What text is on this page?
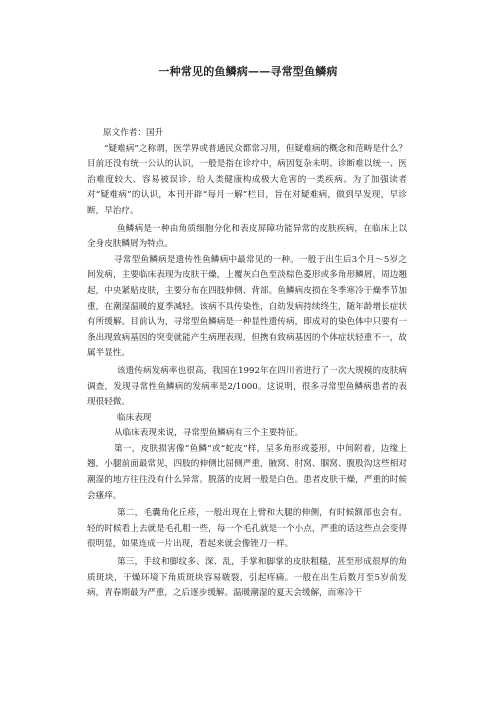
一种常见的鱼鳞病——寻常型鱼鳞病

原文作者：国升

“疑难病”之称谓，医学界或普通民众都常习用，但疑难病的概念和范畴是什么？目前还没有统一公认的认识，一般是指在诊疗中，病因复杂未明、诊断难以统一、医治难度较大、容易被误诊、给人类健康构成极大危害的一类疾病。为了加强读者对“疑难病”的认识，本刊开辟“每月一解”栏目，旨在对疑难病，做到早发现，早诊断，早治疗。

鱼鳞病是一种由角质细胞分化和表皮屏障功能异常的皮肤疾病，在临床上以全身皮肤鳞屑为特点。

寻常型鱼鳞病是遗传性鱼鳞病中最常见的一种。一般于出生后3个月～5岁之间发病，主要临床表现为皮肤干燥，上覆灰白色至淡棕色菱形或多角形鳞屑，周边翘起，中央紧贴皮肤，主要分布在四肢伸侧、背部。鱼鳞病皮损在冬季寒冷干燥季节加重，在潮湿温暖的夏季减轻。该病不具传染性，自幼发病持续终生，随年龄增长症状有所缓解。目前认为，寻常型鱼鳞病是一种显性遗传病，即成对的染色体中只要有一条出现致病基因的突变就能产生病理表现，但携有致病基因的个体症状轻重不一，故属半显性。

该遗传病发病率也很高，我国在1992年在四川省进行了一次大规模的皮肤病调查，发现寻常性鱼鳞病的发病率是2/1000。这说明，很多寻常型鱼鳞病患者的表现很轻微。

临床表现

从临床表现来说，寻常型鱼鳞病有三个主要特征。

第一，皮肤损害像“鱼鳞”或“蛇皮”样，呈多角形或菱形，中间附着，边缘上翘，小腿前面最常见，四肢的伸侧比屈侧严重，腋窝、肘窝、腘窝、腹股沟这些相对潮湿的地方往往没有什么异常。脱落的皮屑一般是白色。患者皮肤干燥，严重的时候会瘙痒。

第二，毛囊角化丘疹，一般出现在上臂和大腿的伸侧，有时候额部也会有。轻的时候看上去就是毛孔粗一些，每一个毛孔就是一个小点，严重的话这些点会变得很明显，如果连成一片出现，看起来就会像锉刀一样。

第三，手纹和脚纹多、深、乱，手掌和脚掌的皮肤粗糙，甚至形成很厚的角质斑块，干燥环境下角质斑块容易皲裂，引起疼痛。一般在出生后数月至5岁前发病，青春期最为严重，之后逐步缓解。温暖潮湿的夏天会缓解，而寒冷干
